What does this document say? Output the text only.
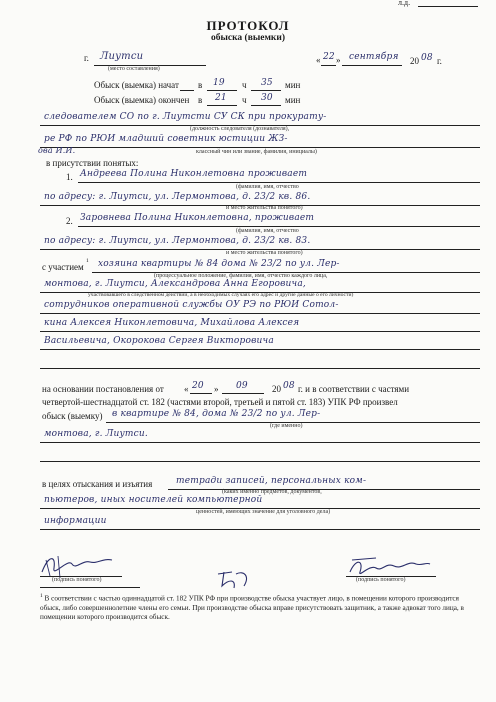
л.д.
ПРОТОКОЛ
обыска (выемки)
г. Лиутси
(место составления)
« 22 » сентября 20 08 г.
Обыск (выемка) начат в 19 ч 35 мин
Обыск (выемка) окончен в 21 ч 30 мин
следователем СО по г. Лиутсти СУ СК при прокурату-
(должность следователя (дознавателя),
ре РФ по РЮИ младший советник юстиции ЖЗ-
ова И.И.	классный чин или звание, фамилия, инициалы)
в присутствии понятых:
1. Андреева Полина Никонлетовна проживает
(фамилия, имя, отчество
по адресу: г. Лиутси, ул. Лермонтова, д. 23/2 кв. 86.
и место жительства понятого)
2. Заровнева Полина Никонлетовна, проживает
(фамилия, имя, отчество
по адресу: г. Лиутси, ул. Лермонтова, д. 23/2 кв. 83.
и место жительства понятого)
с участием
1 хозяина квартиры № 84 дома № 23/2 по ул. Лер-
(процессуальное положение, фамилия, имя, отчество каждого лица,
монтова, г. Лиутси, Александрова Анна Егоровича,
участвовавшего в следственном действии, а в необходимых случаях его адрес и другие данные о его личности)
сотрудников оперативной службы ОУ РЭ по РЮИ Сотол-
кина Алексея Никонлетовича, Михайлова Алексея
Васильевича, Окорокова Сергея Викторовича
на основании постановления от « 20 » 09	20 08 г. и в соответствии с частями
четвертой-шестнадцатой ст. 182 (частями второй, третьей и пятой ст. 183) УПК РФ произвел
обыск (выемку) в квартире № 84, дома № 23/2 по ул. Лер-
(где именно)
монтова, г. Лиутси.
в целях отыскания и изъятия	тетради записей, персональных ком-
(каких именно предметов, документов,
пьютеров, иных носителей компьютерной
ценностей, имеющих значение для уголовного дела)
информации
(подпись понятого)	(подпись понятого)
$^1$ В соответствии с частью одиннадцатой ст. 182 УПК РФ при производстве обыска участвует лицо, в помещении которого производится обыск, либо совершеннолетние члены его семьи. При производстве обыска вправе присутствовать защитник, а также адвокат того лица, в помещении которого производится обыск.
